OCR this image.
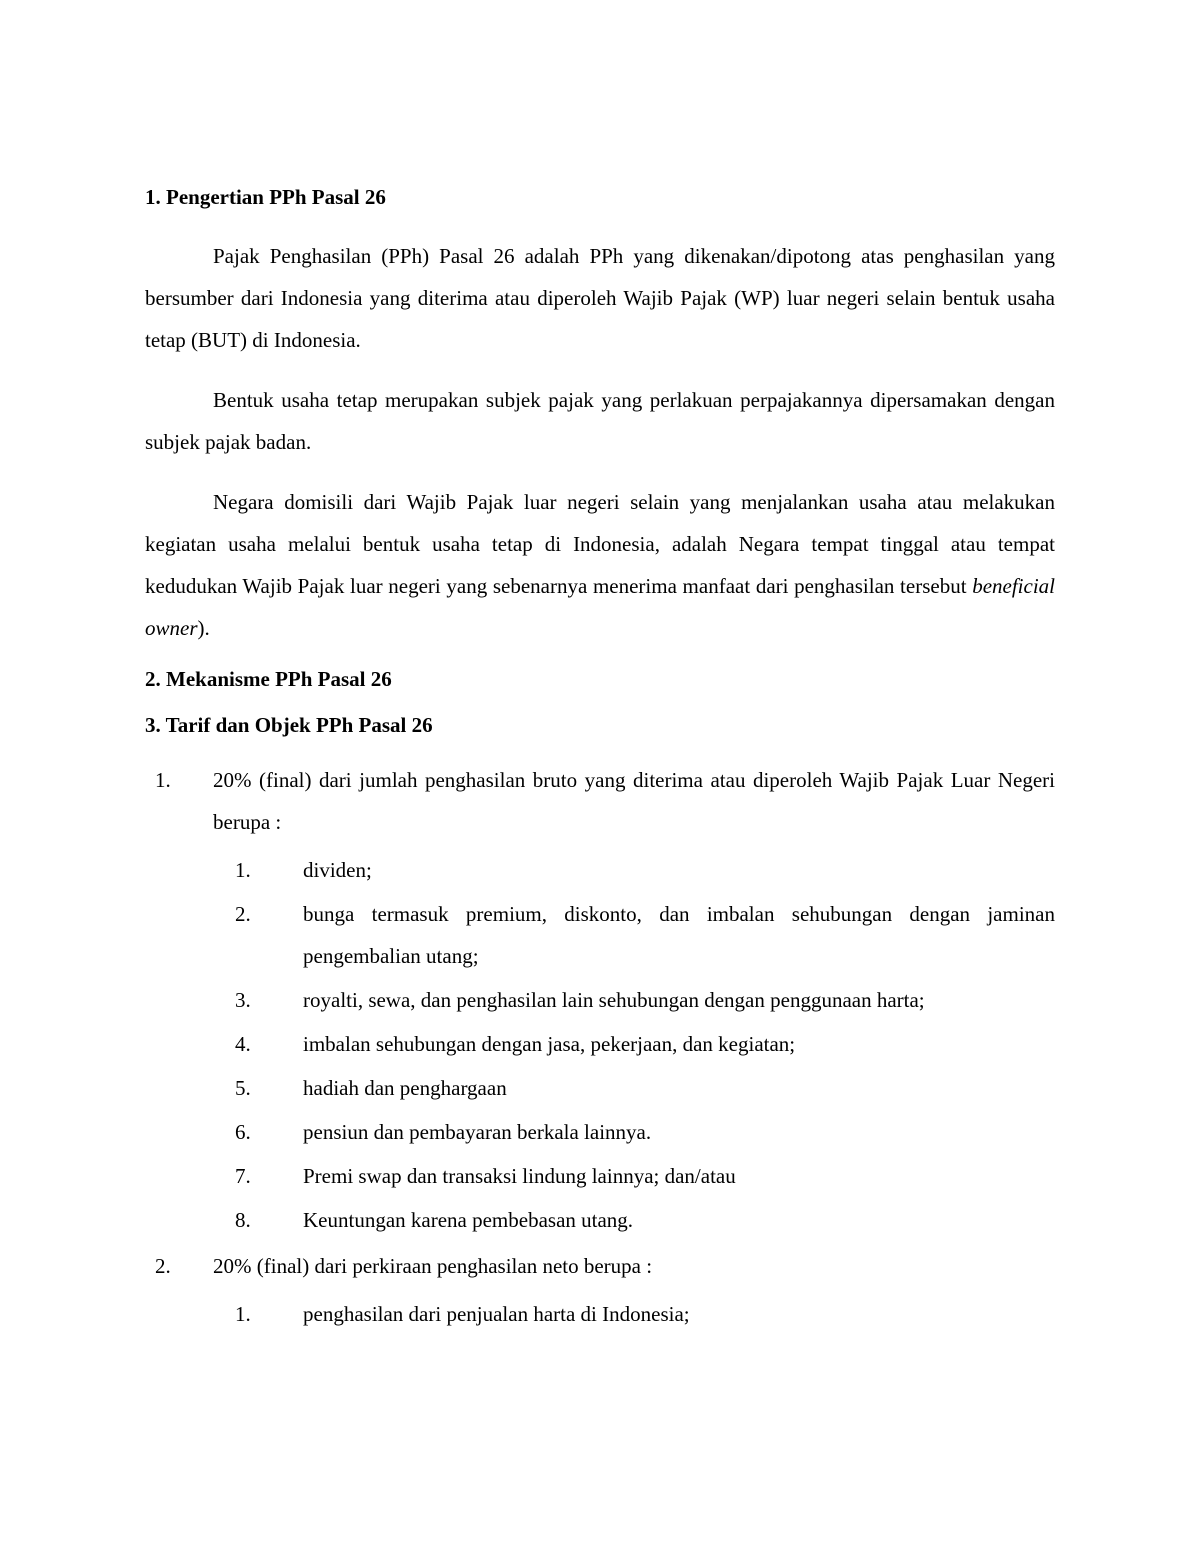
1. Pengertian PPh Pasal 26

Pajak Penghasilan (PPh) Pasal 26 adalah PPh yang dikenakan/dipotong atas penghasilan yang bersumber dari Indonesia yang diterima atau diperoleh Wajib Pajak (WP) luar negeri selain bentuk usaha tetap (BUT) di Indonesia.

Bentuk usaha tetap merupakan subjek pajak yang perlakuan perpajakannya dipersamakan dengan subjek pajak badan.

Negara domisili dari Wajib Pajak luar negeri selain yang menjalankan usaha atau melakukan kegiatan usaha melalui bentuk usaha tetap di Indonesia, adalah Negara tempat tinggal atau tempat kedudukan Wajib Pajak luar negeri yang sebenarnya menerima manfaat dari penghasilan tersebut beneficial owner).

2. Mekanisme PPh Pasal 26
3. Tarif dan Objek PPh Pasal 26
1.	20% (final) dari jumlah penghasilan bruto yang diterima atau diperoleh Wajib Pajak Luar Negeri berupa :
1.	dividen;
2.	bunga termasuk premium, diskonto, dan imbalan sehubungan dengan jaminan pengembalian utang;
3.	royalti, sewa, dan penghasilan lain sehubungan dengan penggunaan harta;
4.	imbalan sehubungan dengan jasa, pekerjaan, dan kegiatan;
5.	hadiah dan penghargaan
6.	pensiun dan pembayaran berkala lainnya.
7.	Premi swap dan transaksi lindung lainnya; dan/atau
8.	Keuntungan karena pembebasan utang.
2.	20% (final) dari perkiraan penghasilan neto berupa :
1.	penghasilan dari penjualan harta di Indonesia;
